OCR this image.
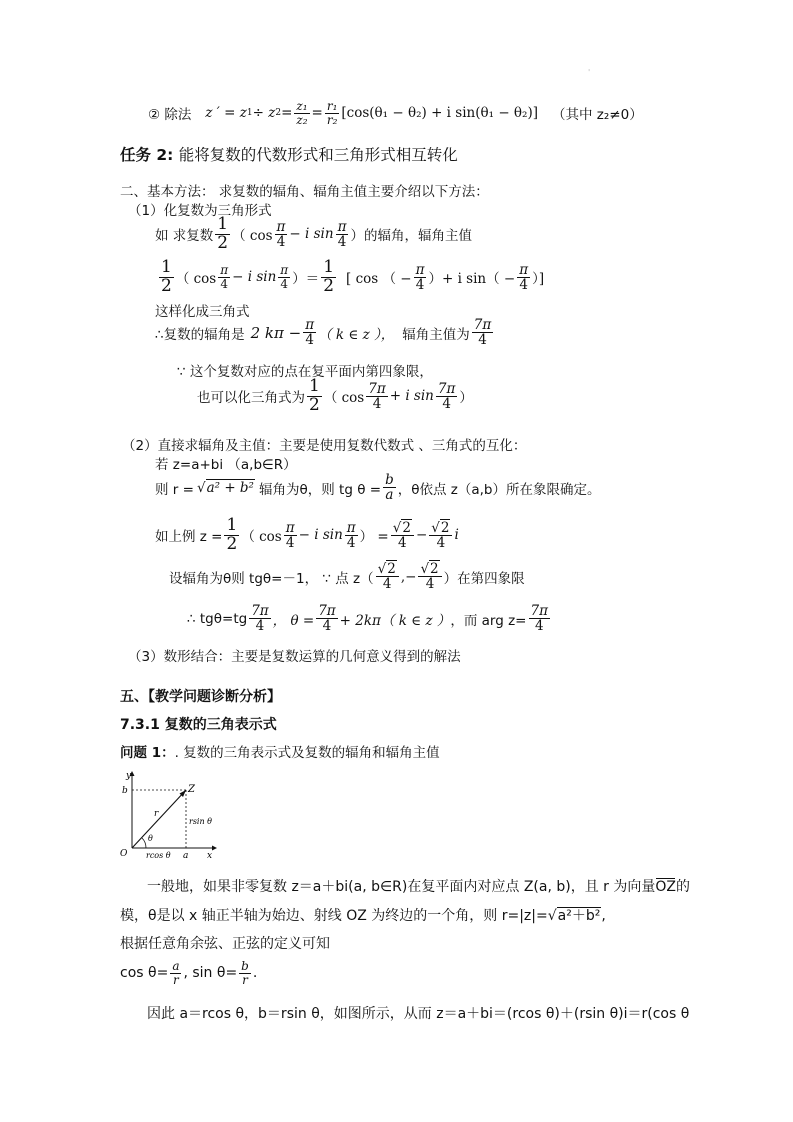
'
② 除法 z ′ = z 1 ÷ z $2 = \frac{\text{z₁}}{\text{z₂}} = \frac{\text{r₁}}{\text{r₂}} [\cos(\theta_1 - \theta_2) + i$ sin(θ₁ − θ₂)] （其中 z₂≠0）
任务 2: 能将复数的代数形式和三角形式相互转化
二、基本方法： 求复数的辐角、辐角主值主要介绍以下方法：
（1）化复数为三角形式
如 求复数 $\frac{1}{2}$ （ $\cos \frac{\pi}{4} - i$ $\sin \frac{\pi}{4}$ ） 的辐角，辐角主值
$\frac{1}{2}$ （ $\cos \frac{\pi}{4} - i$ $\sin \frac{\pi}{4}$ ）＝ $\frac{1}{2}$ [ cos （ − $\frac{\pi}{4}$ ）+ i $\sin( - \frac{\pi}{4}$ ）]
这样化成三角式
∴复数的辐角是 2 $k\pi - \frac{\pi}{4}$ （ k ∈ z ）， 辐角主值为 $\frac{7\pi}{4}$
∵ 这个复数对应的点在复平面内第四象限，
也可以化三角式为 $\frac{1}{2}$ （ $\cos \frac{7\pi}{4} + i$ $\sin \frac{7\pi}{4}$ ）
（2）直接求辐角及主值：主要是使用复数代数式 、三角式的互化：
若 z=a+bi （a,b∈R）
则 r = √ a² + b² 辐角为θ，则 tg $\theta = \frac{b}{a}$ ，θ依点 z（a,b）所在象限确定。
如上例 $z = \frac{1}{2}$ （ $\cos \frac{\pi}{4} - i$ $\sin \frac{\pi}{4}$ ） = $\frac{√2}{4} - \frac{√2}{4}$ i
设辐角为θ则 tgθ=－1， ∵ 点 $z( \frac{√2}{4}$ ,− $\frac{√2}{4}$ ）在第四象限
∴ $tg\theta=tg \frac{7\pi}{4}$ ， $\theta = \frac{7\pi}{4} + 2k\pi$（ k ∈ z ） ，而 arg $z= \frac{7\pi}{4}$
（3）数形结合：主要是复数运算的几何意义得到的解法
五、【教学问题诊断分析】
7.3.1 复数的三角表示式
问题 1：. 复数的三角表示式及复数的辐角和辐角主值
y
x
b
a
Z
r
θ
O rcos θ
rsin θ
一般地，如果非零复数 z＝a＋bi(a, b∈R)在复平面内对应点 Z(a, b)，且 r 为向量
OZ的
模，θ是以 x 轴正半轴为始边、射线 OZ 为终边的一个角，则 r=|z|=√a²＋b²,
根据任意角余弦、正弦的定义可知
$\cos \theta= \frac{a}{r}$ , $\sin \theta= \frac{b}{r}$ .
因此 a＝rcos θ，b＝rsin θ，如图所示，从而 z＝a＋bi＝(rcos θ)＋(rsin θ)i＝r(cos θ
